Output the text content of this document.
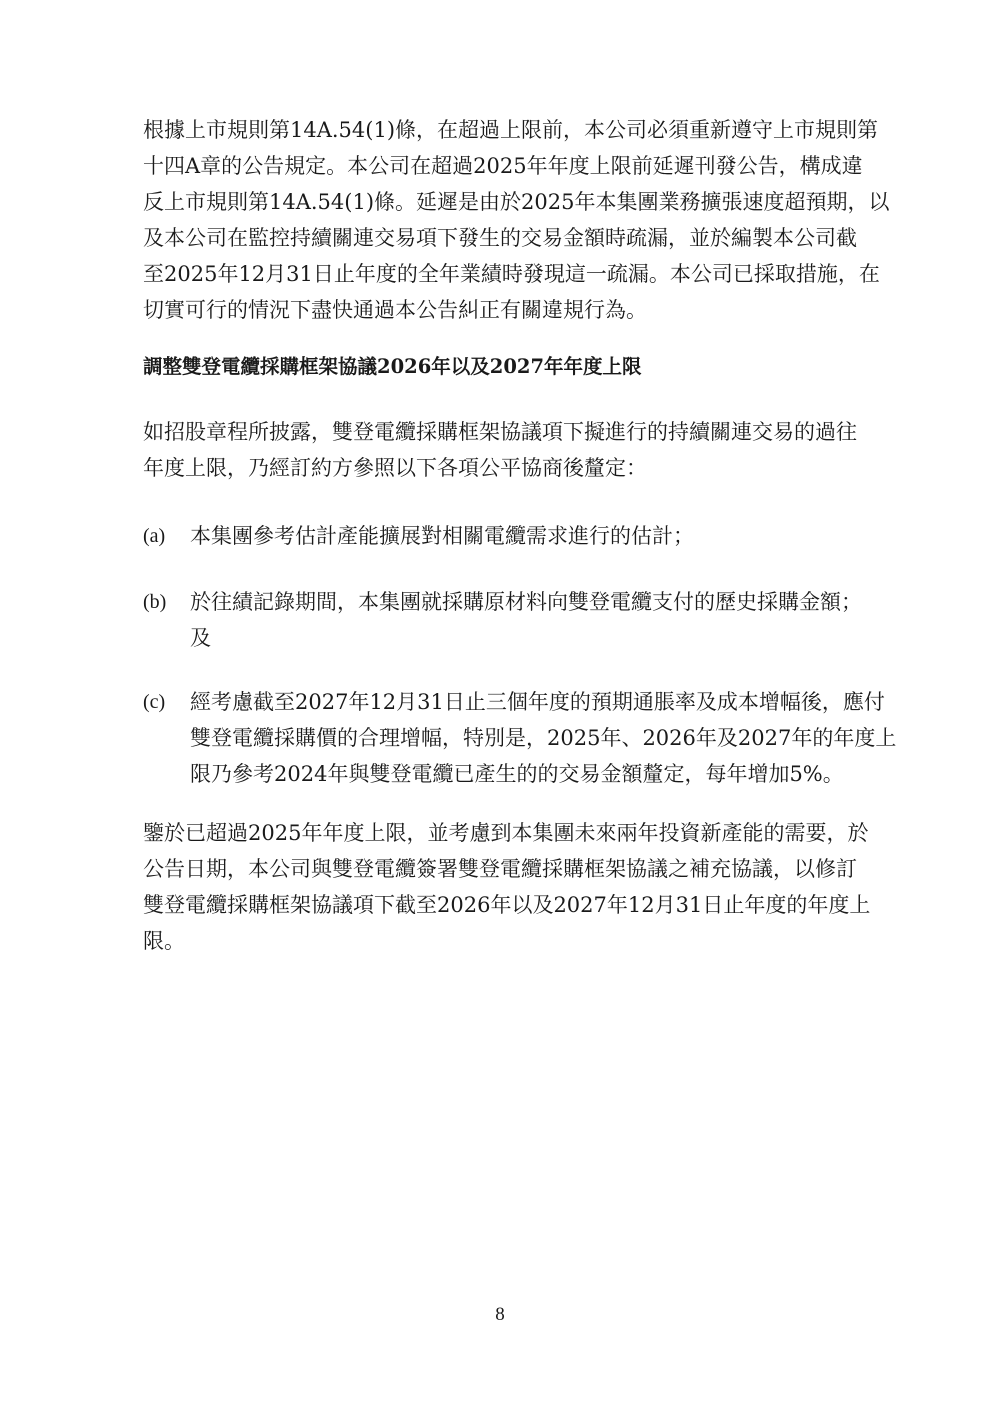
根據上市規則第14A.54(1)條，在超過上限前，本公司必須重新遵守上市規則第
十四A章的公告規定。本公司在超過2025年年度上限前延遲刊發公告，構成違
反上市規則第14A.54(1)條。延遲是由於2025年本集團業務擴張速度超預期，以
及本公司在監控持續關連交易項下發生的交易金額時疏漏，並於編製本公司截
至2025年12月31日止年度的全年業績時發現這一疏漏。本公司已採取措施，在
切實可行的情況下盡快通過本公告糾正有關違規行為。
調整雙登電纜採購框架協議2026年以及2027年年度上限
如招股章程所披露，雙登電纜採購框架協議項下擬進行的持續關連交易的過往
年度上限，乃經訂約方參照以下各項公平協商後釐定：
(a) 本集團參考估計產能擴展對相關電纜需求進行的估計；
(b) 於往績記錄期間，本集團就採購原材料向雙登電纜支付的歷史採購金額；
及
(c) 經考慮截至2027年12月31日止三個年度的預期通脹率及成本增幅後，應付
雙登電纜採購價的合理增幅，特別是，2025年、2026年及2027年的年度上
限乃參考2024年與雙登電纜已產生的的交易金額釐定，每年增加5%。
鑒於已超過2025年年度上限，並考慮到本集團未來兩年投資新產能的需要，於
公告日期，本公司與雙登電纜簽署雙登電纜採購框架協議之補充協議，以修訂
雙登電纜採購框架協議項下截至2026年以及2027年12月31日止年度的年度上
限。
8
